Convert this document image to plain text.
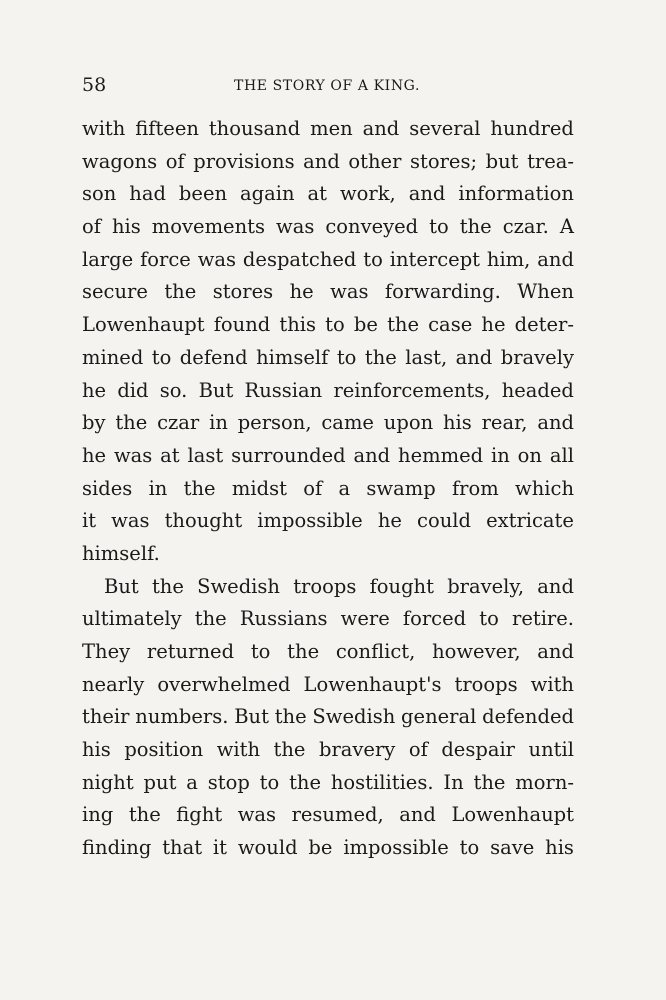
58	THE STORY OF A KING.
with fifteen thousand men and several hundred
wagons of provisions and other stores; but trea-
son had been again at work, and information
of his movements was conveyed to the czar. A
large force was despatched to intercept him, and
secure the stores he was forwarding. When
Lowenhaupt found this to be the case he deter-
mined to defend himself to the last, and bravely
he did so. But Russian reinforcements, headed
by the czar in person, came upon his rear, and
he was at last surrounded and hemmed in on all
sides in the midst of a swamp from which
it was thought impossible he could extricate
himself.
But the Swedish troops fought bravely, and
ultimately the Russians were forced to retire.
They returned to the conflict, however, and
nearly overwhelmed Lowenhaupt's troops with
their numbers. But the Swedish general defended
his position with the bravery of despair until
night put a stop to the hostilities. In the morn-
ing the fight was resumed, and Lowenhaupt
finding that it would be impossible to save his
